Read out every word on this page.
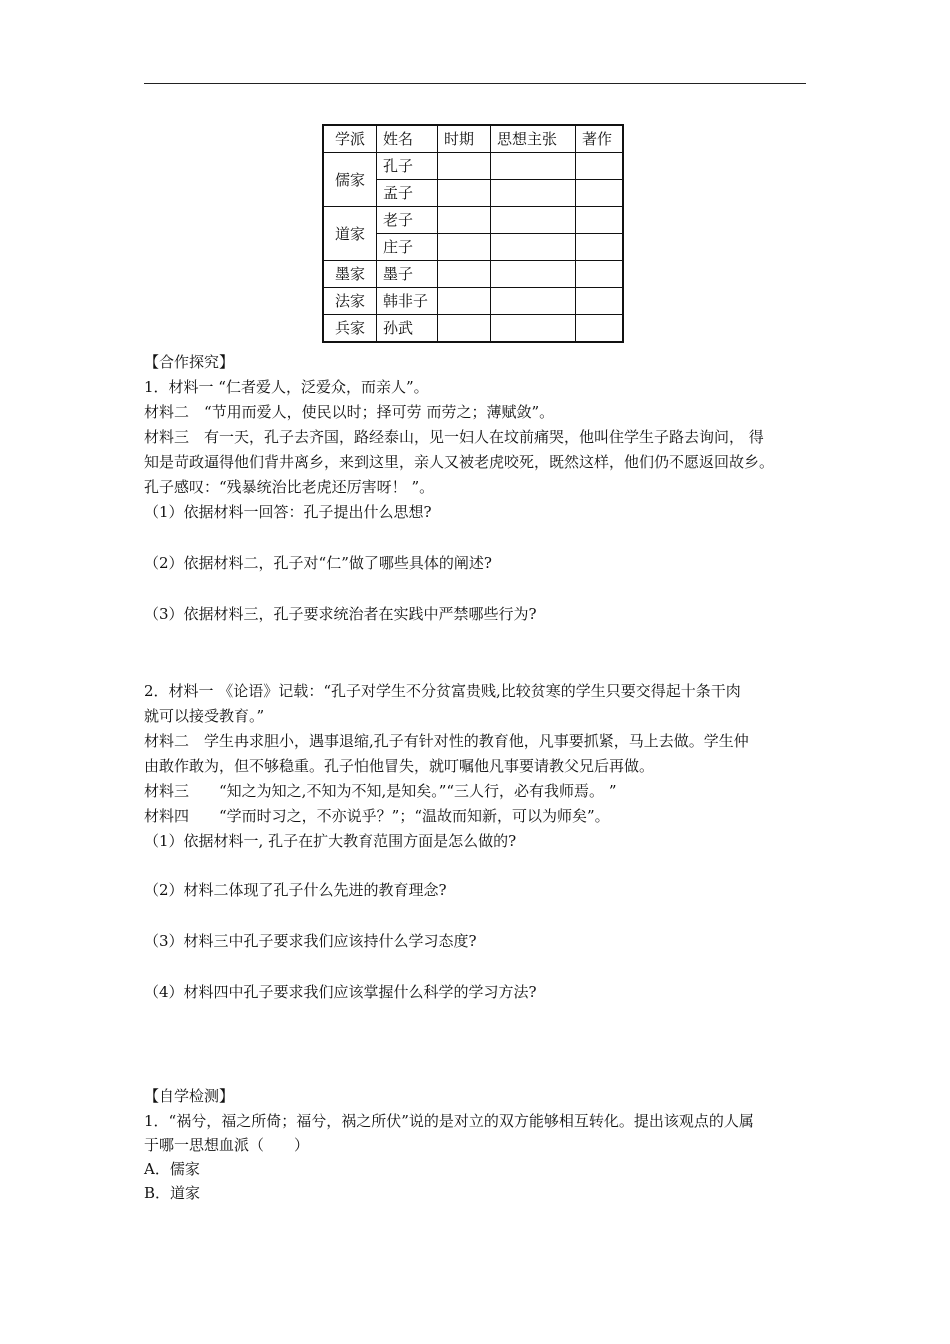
学派	姓名	时期	思想主张	著作
儒家	孔子			
	孟子			
道家	老子			
	庄子			
墨家	墨子			
法家	韩非子			
兵家	孙武			
【合作探究】
1．材料一 “仁者爱人，泛爱众，而亲人”。
材料二　“节用而爱人，使民以时；择可劳 而劳之；薄赋敛”。
材料三　有一天，孔子去齐国，路经泰山，见一妇人在坟前痛哭，他叫住学生子路去询问， 得
知是苛政逼得他们背井离乡，来到这里，亲人又被老虎咬死，既然这样，他们仍不愿返回故乡。
孔子感叹：“残暴统治比老虎还厉害呀！ ”。
（1）依据材料一回答：孔子提出什么思想?
（2）依据材料二，孔子对“仁”做了哪些具体的阐述?
（3）依据材料三，孔子要求统治者在实践中严禁哪些行为?
2．材料一 《论语》记载：“孔子对学生不分贫富贵贱,比较贫寒的学生只要交得起十条干肉
就可以接受教育。”
材料二　学生冉求胆小，遇事退缩,孔子有针对性的教育他，凡事要抓紧，马上去做。学生仲
由敢作敢为，但不够稳重。孔子怕他冒失，就叮嘱他凡事要请教父兄后再做。
材料三　　“知之为知之,不知为不知,是知矣。”“三人行，必有我师焉。 ”
材料四　　“学而时习之，不亦说乎？”；“温故而知新，可以为师矣”。
（1）依据材料一, 孔子在扩大教育范围方面是怎么做的?
（2）材料二体现了孔子什么先进的教育理念?
（3）材料三中孔子要求我们应该持什么学习态度?
（4）材料四中孔子要求我们应该掌握什么科学的学习方法?
【自学检测】
1．“祸兮，福之所倚；福兮，祸之所伏”说的是对立的双方能够相互转化。提出该观点的人属
于哪一思想血派（　　）
A．儒家
B．道家
